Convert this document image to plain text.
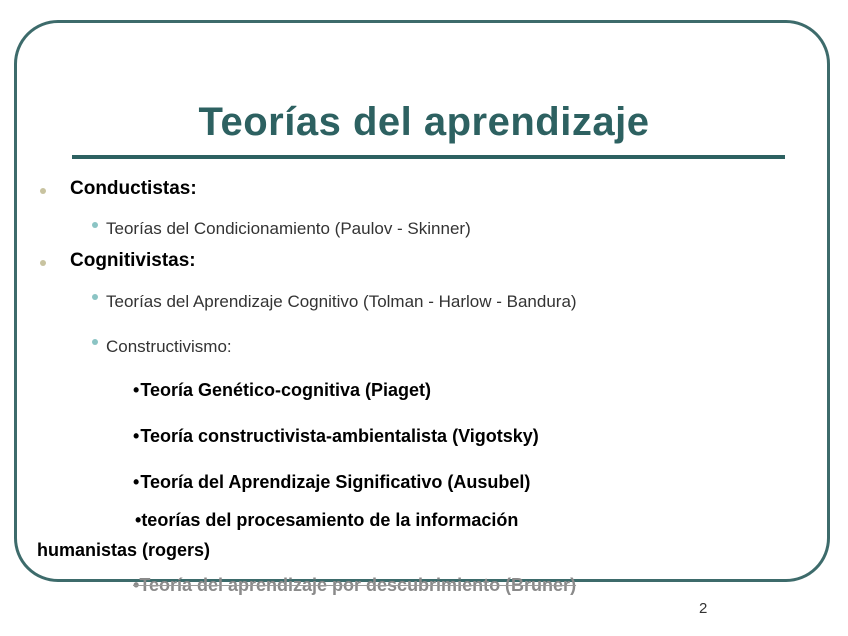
Teorías del aprendizaje
Conductistas:
Teorías del Condicionamiento (Paulov - Skinner)
Cognitivistas:
Teorías del Aprendizaje Cognitivo (Tolman - Harlow - Bandura)
Constructivismo:
•Teoría Genético-cognitiva (Piaget)
•Teoría constructivista-ambientalista (Vigotsky)
•Teoría del Aprendizaje Significativo (Ausubel)
•teorías del procesamiento de la información
humanistas (rogers)
•Teoría del aprendizaje por descubrimiento (Bruner)
2
